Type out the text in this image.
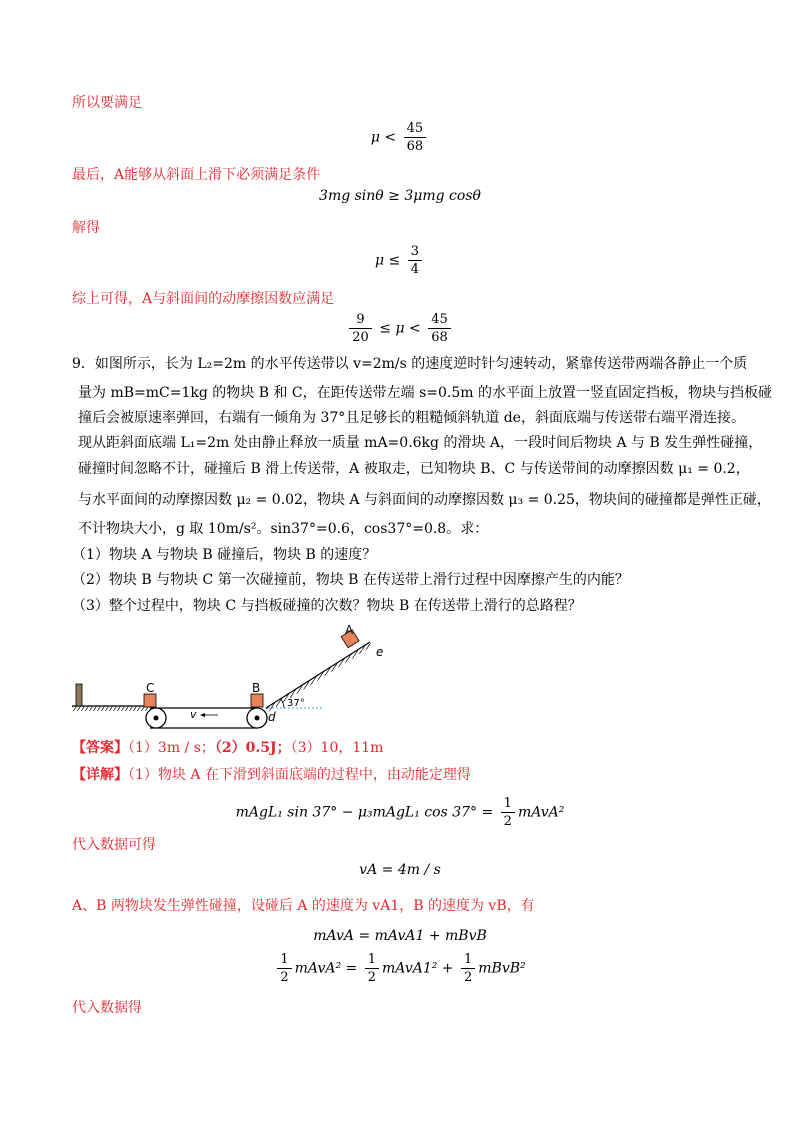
所以要满足
$\mu < \frac{45}{68}$
最后，A能够从斜面上滑下必须满足条件
3mg sinθ ≥ 3μmg cosθ
解得
$\mu \le \frac{3}{4}$
综上可得，A与斜面间的动摩擦因数应满足
$\frac{9}{20} \le \mu < \frac{45}{68}$
9．如图所示，长为 L₂=2m 的水平传送带以 v=2m/s 的速度逆时针匀速转动，紧靠传送带两端各静止一个质
量为 mB=mC=1kg 的物块 B 和 C，在距传送带左端 s=0.5m 的水平面上放置一竖直固定挡板，物块与挡板碰
撞后会被原速率弹回，右端有一倾角为 37°且足够长的粗糙倾斜轨道 de，斜面底端与传送带右端平滑连接。
现从距斜面底端 L₁=2m 处由静止释放一质量 mA=0.6kg 的滑块 A，一段时间后物块 A 与 B 发生弹性碰撞，
碰撞时间忽略不计，碰撞后 B 滑上传送带，A 被取走，已知物块 B、C 与传送带间的动摩擦因数 μ₁ = 0.2，
与水平面间的动摩擦因数 μ₂ = 0.02，物块 A 与斜面间的动摩擦因数 μ₃ = 0.25，物块间的碰撞都是弹性正碰，
不计物块大小，g 取 10m/s²。sin37°=0.6，cos37°=0.8。求：
（1）物块 A 与物块 B 碰撞后，物块 B 的速度？
（2）物块 B 与物块 C 第一次碰撞前，物块 B 在传送带上滑行过程中因摩擦产生的内能？
（3）整个过程中，物块 C 与挡板碰撞的次数？物块 B 在传送带上滑行的总路程？
v
C	B
37°
d
A
e
【答案】（1）3m / s；（2）0.5J；（3）10，11m
【详解】（1）物块 A 在下滑到斜面底端的过程中，由动能定理得
mAgL₁ sin 37° − μ₃mAgL₁ $\cos 37^\circ = \frac{1}{2}$ mAvA²
代入数据可得
vA = 4m / s
A、B 两物块发生弹性碰撞，设碰后 A 的速度为 vA1，B 的速度为 vB，有
mAvA = mAvA1 + mBvB
$\frac{1}{2}$ mAvA² = $\frac{1}{2}$ mAvA1² + $\frac{1}{2}$ mBvB²
代入数据得
